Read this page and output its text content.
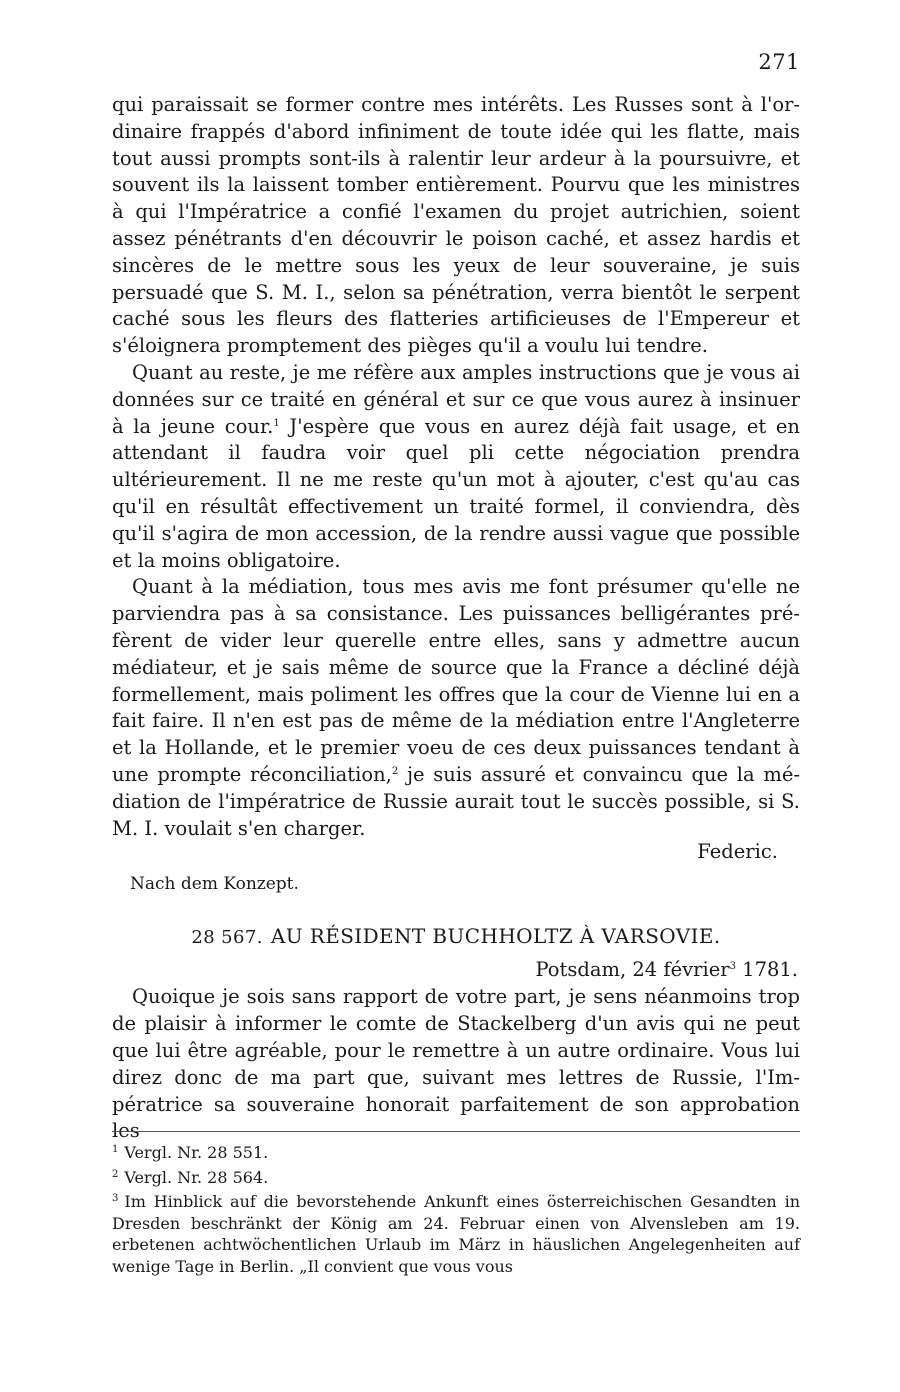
271

qui paraissait se former contre mes intérêts. Les Russes sont à l'ordinaire frappés d'abord infiniment de toute idée qui les flatte, mais tout aussi prompts sont-ils à ralentir leur ardeur à la poursuivre, et souvent ils la laissent tomber entièrement. Pourvu que les ministres à qui l'Impératrice a confié l'examen du projet autrichien, soient assez pénétrants d'en découvrir le poison caché, et assez hardis et sincères de le mettre sous les yeux de leur souveraine, je suis persuadé que S. M. I., selon sa pénétration, verra bientôt le serpent caché sous les fleurs des flatteries artificieuses de l'Empereur et s'éloignera promptement des pièges qu'il a voulu lui tendre.

Quant au reste, je me réfère aux amples instructions que je vous ai données sur ce traité en général et sur ce que vous aurez à insinuer à la jeune cour.$^1$ J'espère que vous en aurez déjà fait usage, et en attendant il faudra voir quel pli cette négociation prendra ultérieurement. Il ne me reste qu'un mot à ajouter, c'est qu'au cas qu'il en résultât effectivement un traité formel, il conviendra, dès qu'il s'agira de mon accession, de la rendre aussi vague que possible et la moins obligatoire.

Quant à la médiation, tous mes avis me font présumer qu'elle ne parviendra pas à sa consistance. Les puissances belligérantes préfèrent de vider leur querelle entre elles, sans y admettre aucun médiateur, et je sais même de source que la France a décliné déjà formellement, mais poliment les offres que la cour de Vienne lui en a fait faire. Il n'en est pas de même de la médiation entre l'Angleterre et la Hollande, et le premier voeu de ces deux puissances tendant à une prompte réconciliation,$^2$ je suis assuré et convaincu que la médiation de l'impératrice de Russie aurait tout le succès possible, si S. M. I. voulait s'en charger.

Federic.
Nach dem Konzept.
28 567. AU RÉSIDENT BUCHHOLTZ À VARSOVIE.
Potsdam, 24 février$^3$ 1781.

Quoique je sois sans rapport de votre part, je sens néanmoins trop de plaisir à informer le comte de Stackelberg d'un avis qui ne peut que lui être agréable, pour le remettre à un autre ordinaire. Vous lui direz donc de ma part que, suivant mes lettres de Russie, l'Impératrice sa souveraine honorait parfaitement de son approbation les

$^1$ Vergl. Nr. 28 551.

$^2$ Vergl. Nr. 28 564.

$^3$ Im Hinblick auf die bevorstehende Ankunft eines österreichischen Gesandten in Dresden beschränkt der König am 24. Februar einen von Alvensleben am 19. erbetenen achtwöchentlichen Urlaub im März in häuslichen Angelegenheiten auf wenige Tage in Berlin. „Il convient que vous vous
